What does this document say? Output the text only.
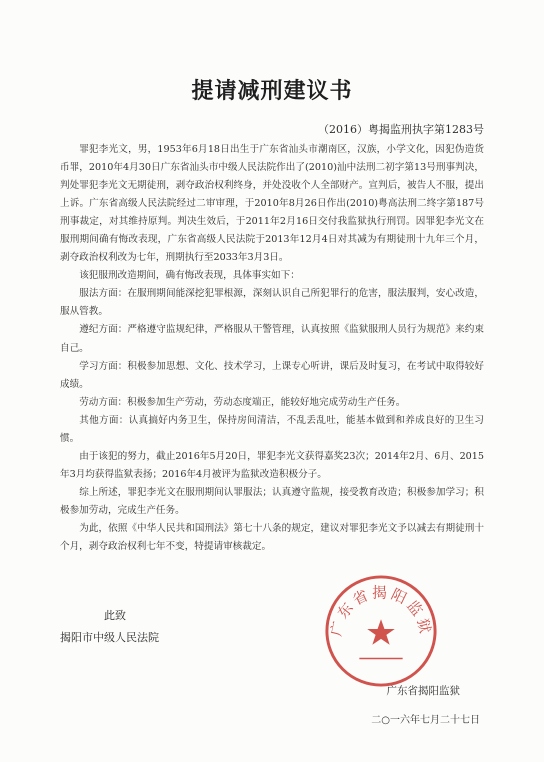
提请减刑建议书
（2016）粤揭监刑执字第1283号

罪犯李光文，男，1953年6月18日出生于广东省汕头市潮南区，汉族，小学文化，因犯伪造货币罪，2010年4月30日广东省汕头市中级人民法院作出了(2010)汕中法刑二初字第13号刑事判决，判处罪犯李光文无期徒刑，剥夺政治权利终身，并处没收个人全部财产。宣判后，被告人不服，提出上诉。广东省高级人民法院经过二审审理，于2010年8月26日作出(2010)粤高法刑二终字第187号刑事裁定，对其维持原判。判决生效后，于2011年2月16日交付我监狱执行刑罚。因罪犯李光文在服刑期间确有悔改表现，广东省高级人民法院于2013年12月4日对其减为有期徒刑十九年三个月，剥夺政治权利改为七年，刑期执行至2033年3月3日。

该犯服刑改造期间，确有悔改表现，具体事实如下：

服法方面：在服刑期间能深挖犯罪根源，深刻认识自己所犯罪行的危害，服法服判，安心改造，服从管教。

遵纪方面：严格遵守监规纪律，严格服从干警管理，认真按照《监狱服刑人员行为规范》来约束自己。

学习方面：积极参加思想、文化、技术学习，上课专心听讲，课后及时复习，在考试中取得较好成绩。

劳动方面：积极参加生产劳动，劳动态度端正，能较好地完成劳动生产任务。

其他方面：认真搞好内务卫生，保持房间清洁，不乱丢乱吐，能基本做到和养成良好的卫生习惯。

由于该犯的努力，截止2016年5月20日，罪犯李光文获得嘉奖23次；2014年2月、6月、2015年3月均获得监狱表扬；2016年4月被评为监狱改造积极分子。

综上所述，罪犯李光文在服刑期间认罪服法；认真遵守监规，接受教育改造；积极参加学习；积极参加劳动，完成生产任务。

为此，依照《中华人民共和国刑法》第七十八条的规定，建议对罪犯李光文予以减去有期徒刑十个月，剥夺政治权利七年不变，特提请审核裁定。

此致
揭阳市中级人民法院	广东省揭阳监狱
广东省揭阳监狱
二○一六年七月二十七日
